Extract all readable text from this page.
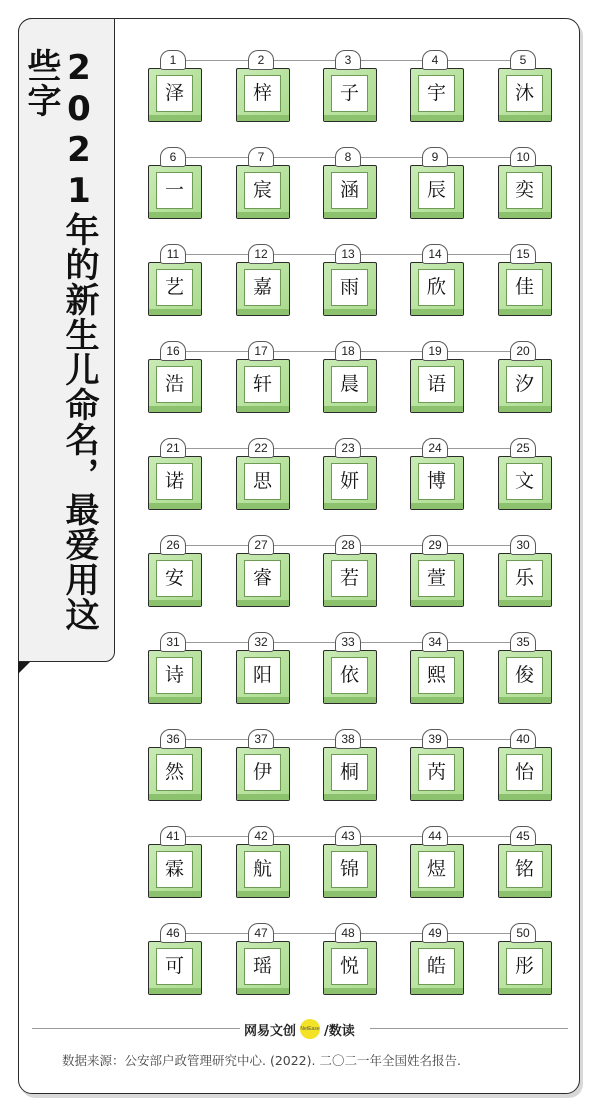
2021年的新生儿命名，最爱用这些字	泽
1
梓
2
子
3
宇
4
沐
5
一
6
宸
7
涵
8
辰
9
奕
10
艺
11
嘉
12
雨
13
欣
14
佳
15
浩
16
轩
17
晨
18
语
19
汐
20
诺
21
思
22
妍
23
博
24
文
25
安
26
睿
27
若
28
萱
29
乐
30
诗
31
阳
32
依
33
熙
34
俊
35
然
36
伊
37
桐
38
芮
39
怡
40
霖
41
航
42
锦
43
煜
44
铭
45
可
46
瑶
47
悦
48
皓
49
彤
50
网易文创 NetEase /数读
数据来源：公安部户政管理研究中心. (2022). 二〇二一年全国姓名报告.
